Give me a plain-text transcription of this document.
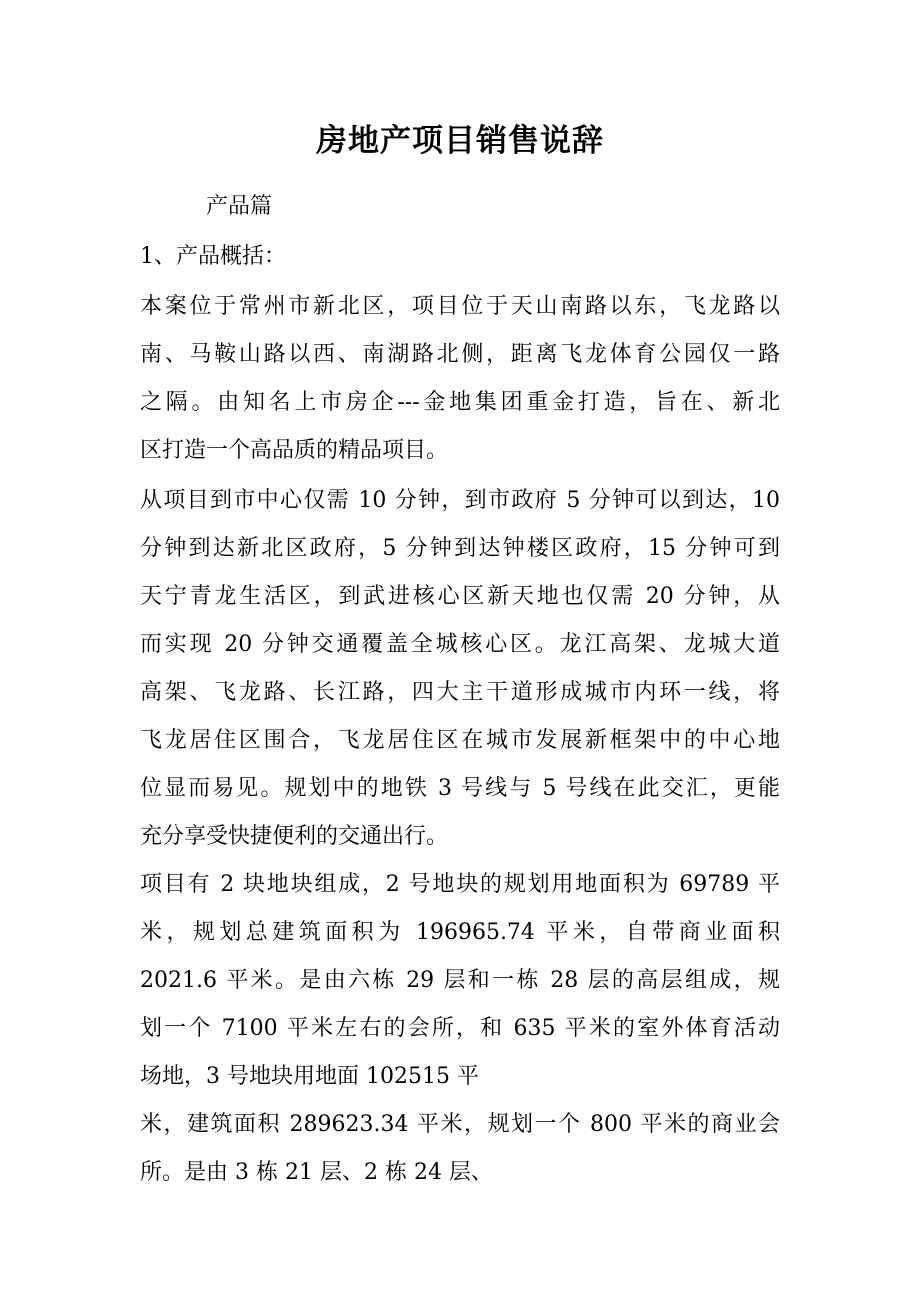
房地产项目销售说辞
产品篇
1、产品概括：
本案位于常州市新北区，项目位于天山南路以东，飞龙路以
南、马鞍山路以西、南湖路北侧，距离飞龙体育公园仅一路
之隔。由知名上市房企---金地集团重金打造，旨在、新北
区打造一个高品质的精品项目。
从项目到市中心仅需 10 分钟，到市政府 5 分钟可以到达，10
分钟到达新北区政府，5 分钟到达钟楼区政府，15 分钟可到
天宁青龙生活区，到武进核心区新天地也仅需 20 分钟，从
而实现 20 分钟交通覆盖全城核心区。龙江高架、龙城大道
高架、飞龙路、长江路，四大主干道形成城市内环一线，将
飞龙居住区围合，飞龙居住区在城市发展新框架中的中心地
位显而易见。规划中的地铁 3 号线与 5 号线在此交汇，更能
充分享受快捷便利的交通出行。
项目有 2 块地块组成，2 号地块的规划用地面积为 69789 平
米，规划总建筑面积为 196965.74 平米，自带商业面积
2021.6 平米。是由六栋 29 层和一栋 28 层的高层组成，规
划一个 7100 平米左右的会所，和 635 平米的室外体育活动
场地，3 号地块用地面 102515 平
米，建筑面积 289623.34 平米，规划一个 800 平米的商业会
所。是由 3 栋 21 层、2 栋 24 层、
